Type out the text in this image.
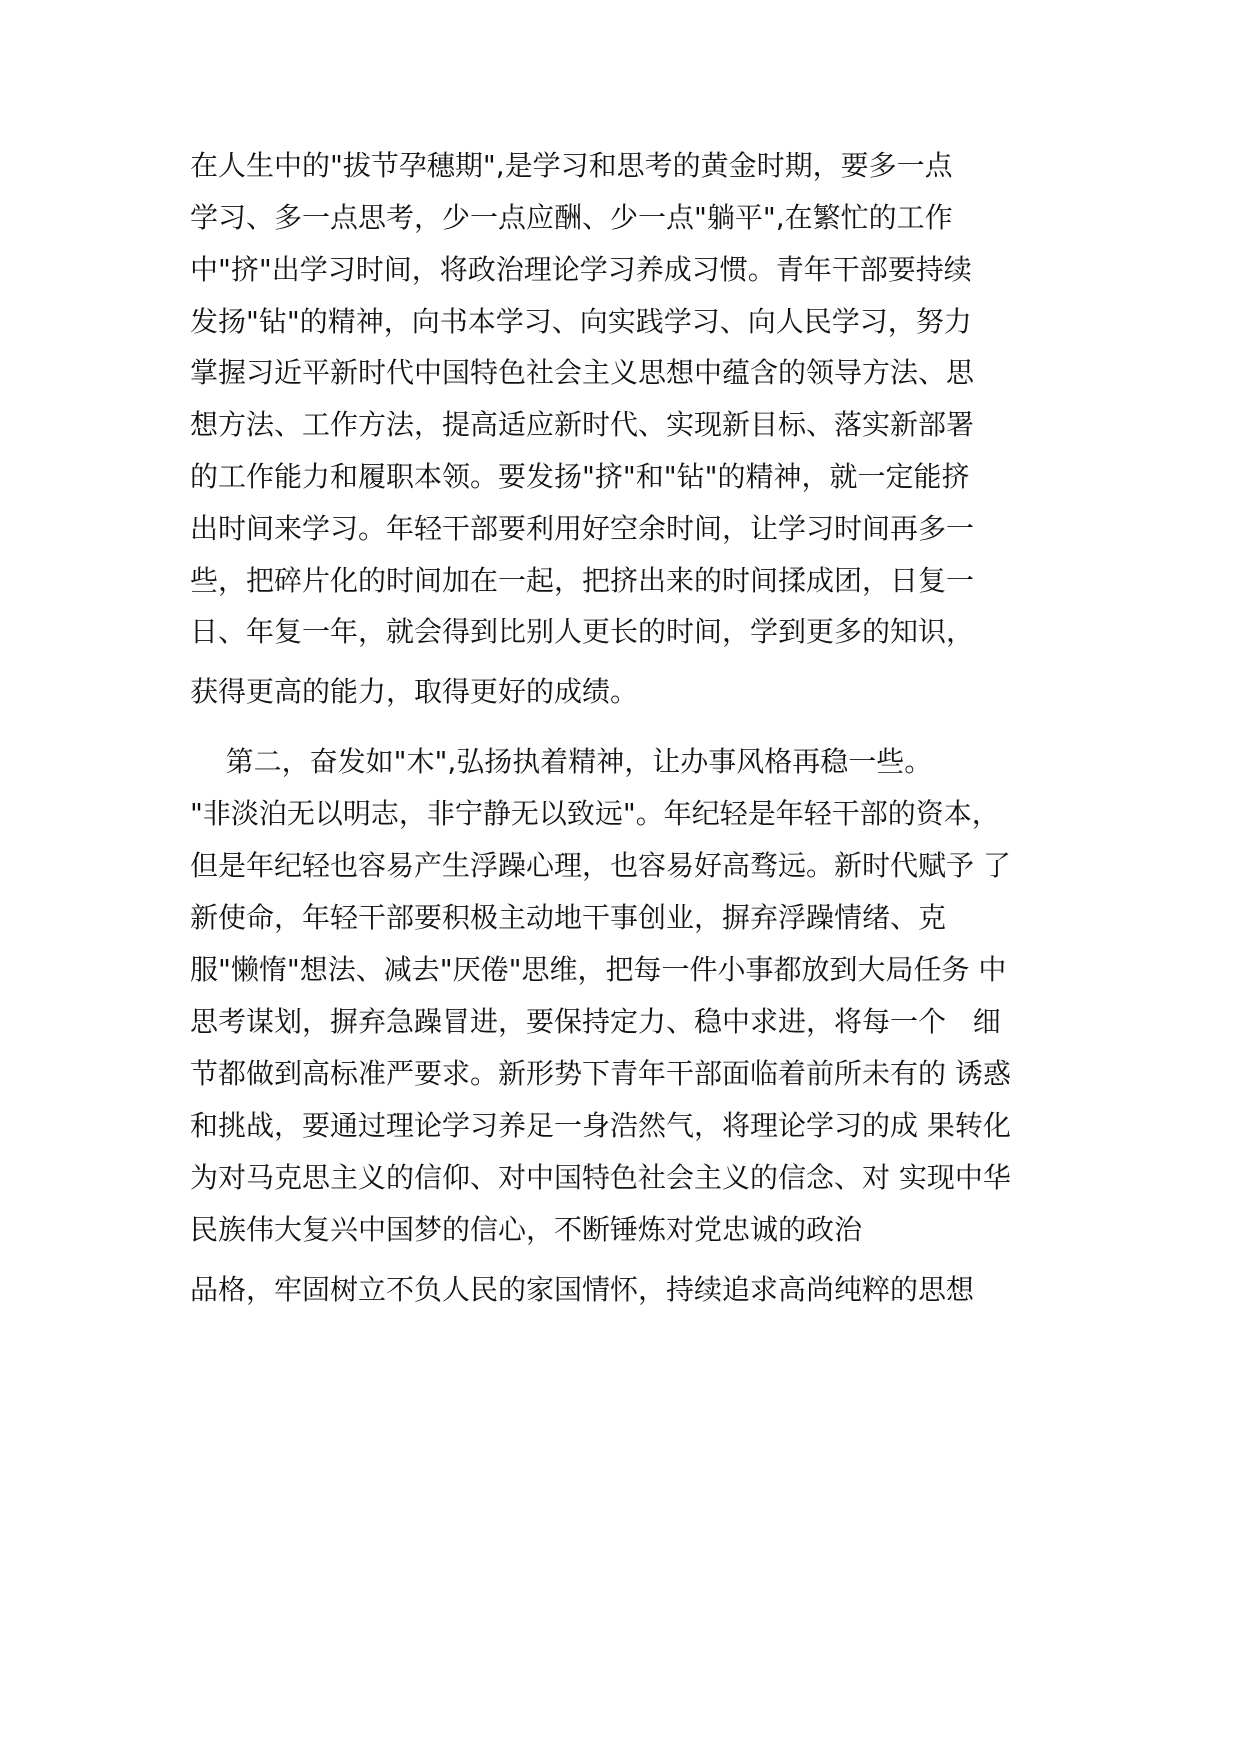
在人生中的"拔节孕穗期",是学习和思考的黄金时期，要多一点
学习、多一点思考，少一点应酬、少一点"躺平",在繁忙的工作
中"挤"出学习时间，将政治理论学习养成习惯。青年干部要持续
发扬"钻"的精神，向书本学习、向实践学习、向人民学习，努力
掌握习近平新时代中国特色社会主义思想中蕴含的领导方法、思
想方法、工作方法，提高适应新时代、实现新目标、落实新部署
的工作能力和履职本领。要发扬"挤"和"钻"的精神，就一定能挤
出时间来学习。年轻干部要利用好空余时间，让学习时间再多一
些，把碎片化的时间加在一起，把挤出来的时间揉成团，日复一
日、年复一年，就会得到比别人更长的时间，学到更多的知识，
获得更高的能力，取得更好的成绩。
第二，奋发如"木",弘扬执着精神，让办事风格再稳一些。
"非淡泊无以明志，非宁静无以致远"。年纪轻是年轻干部的资本，
但是年纪轻也容易产生浮躁心理，也容易好高骛远。新时代赋予 了
新使命，年轻干部要积极主动地干事创业，摒弃浮躁情绪、克
服"懒惰"想法、减去"厌倦"思维，把每一件小事都放到大局任务 中
思考谋划，摒弃急躁冒进，要保持定力、稳中求进，将每一个   细
节都做到高标准严要求。新形势下青年干部面临着前所未有的 诱惑
和挑战，要通过理论学习养足一身浩然气，将理论学习的成 果转化
为对马克思主义的信仰、对中国特色社会主义的信念、对 实现中华
民族伟大复兴中国梦的信心，不断锤炼对党忠诚的政治
品格，牢固树立不负人民的家国情怀，持续追求高尚纯粹的思想
